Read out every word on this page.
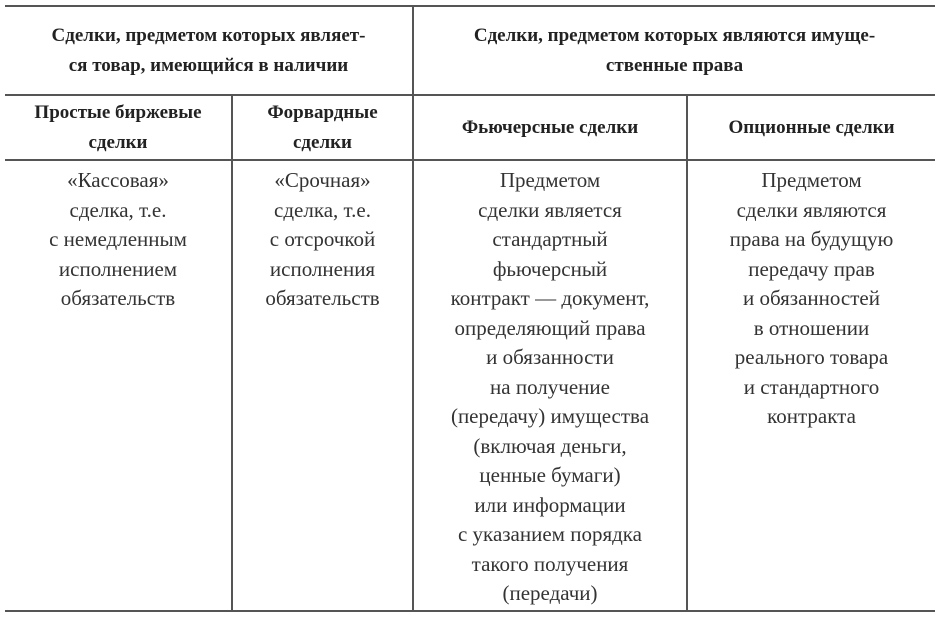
Сделки, предметом которых являет-
ся товар, имеющийся в наличии
Сделки, предметом которых являются имуще-
ственные права
Простые биржевые
сделки
Форвардные
сделки
Фьючерсные сделки	Опционные сделки
«Кассовая»
сделка, т.е.
с немедленным
исполнением
обязательств
«Срочная»
сделка, т.е.
с отсрочкой
исполнения
обязательств
Предметом
сделки является
стандартный
фьючерсный
контракт — документ,
определяющий права
и обязанности
на получение
(передачу) имущества
(включая деньги,
ценные бумаги)
или информации
с указанием порядка
такого получения
(передачи)
Предметом
сделки являются
права на будущую
передачу прав
и обязанностей
в отношении
реального товара
и стандартного
контракта
